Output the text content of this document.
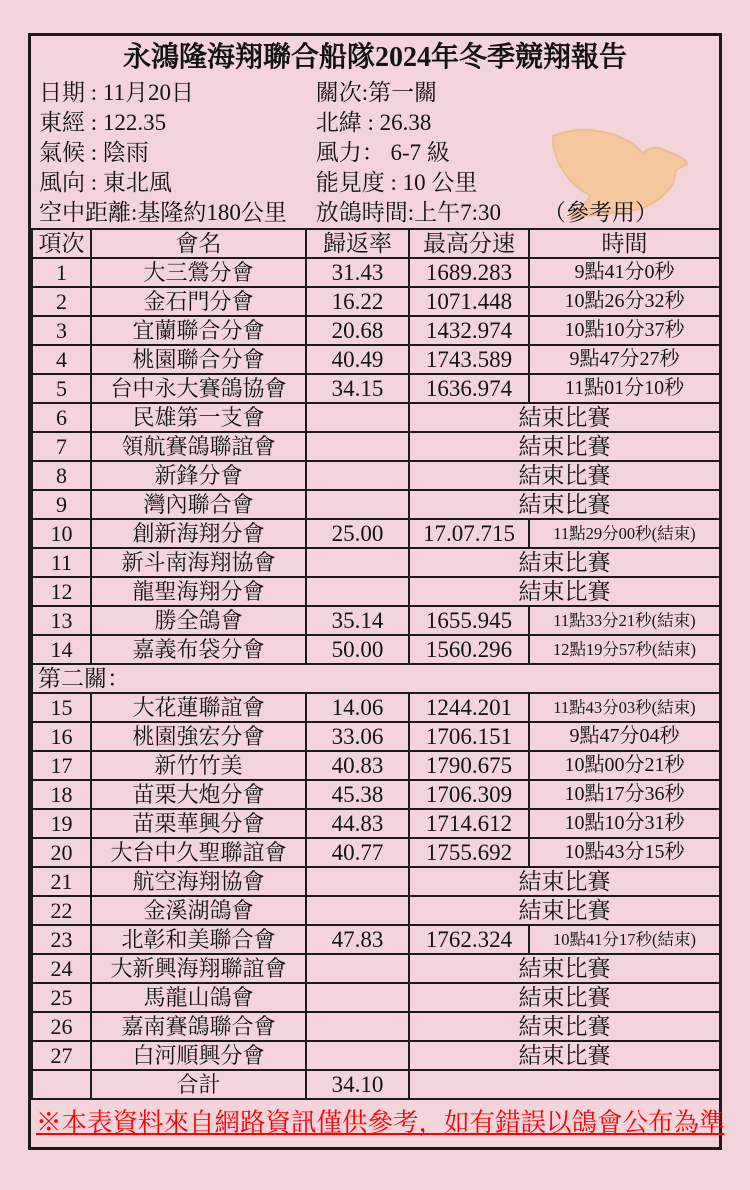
永鴻隆海翔聯合船隊2024年冬季競翔報告
日期 : 11月20日	關次:第一關
東經 : 122.35	北緯 : 26.38
氣候 : 陰雨	風力： 6-7 級
風向 : 東北風	能見度 : 10 公里
空中距離:基隆約180公里 放鴿時間:上午7:30 （參考用）
項次	會名	歸返率	最高分速	時間
1	大三鶯分會	31.43	1689.283	9點41分0秒
2	金石門分會	16.22	1071.448	10點26分32秒
3	宜蘭聯合分會	20.68	1432.974	10點10分37秒
4	桃園聯合分會	40.49	1743.589	9點47分27秒
5	台中永大賽鴿協會	34.15	1636.974	11點01分10秒
6	民雄第一支會		結束比賽	
7	領航賽鴿聯誼會		結束比賽	
8	新鋒分會		結束比賽	
9	灣內聯合會		結束比賽	
10	創新海翔分會	25.00	17.07.715	11點29分00秒(結束)
11	新斗南海翔協會		結束比賽	
12	龍聖海翔分會		結束比賽	
13	勝全鴿會	35.14	1655.945	11點33分21秒(結束)
14	嘉義布袋分會	50.00	1560.296	12點19分57秒(結束)
第二關：				
15	大花蓮聯誼會	14.06	1244.201	11點43分03秒(結束)
16	桃園強宏分會	33.06	1706.151	9點47分04秒
17	新竹竹美	40.83	1790.675	10點00分21秒
18	苗栗大炮分會	45.38	1706.309	10點17分36秒
19	苗栗華興分會	44.83	1714.612	10點10分31秒
20	大台中久聖聯誼會	40.77	1755.692	10點43分15秒
21	航空海翔協會		結束比賽	
22	金溪湖鴿會		結束比賽	
23	北彰和美聯合會	47.83	1762.324	10點41分17秒(結束)
24	大新興海翔聯誼會		結束比賽	
25	馬龍山鴿會		結束比賽	
26	嘉南賽鴿聯合會		結束比賽	
27	白河順興分會		結束比賽	
	合計	34.10		
※本表資料來自網路資訊僅供參考，如有錯誤以鴿會公布為準
